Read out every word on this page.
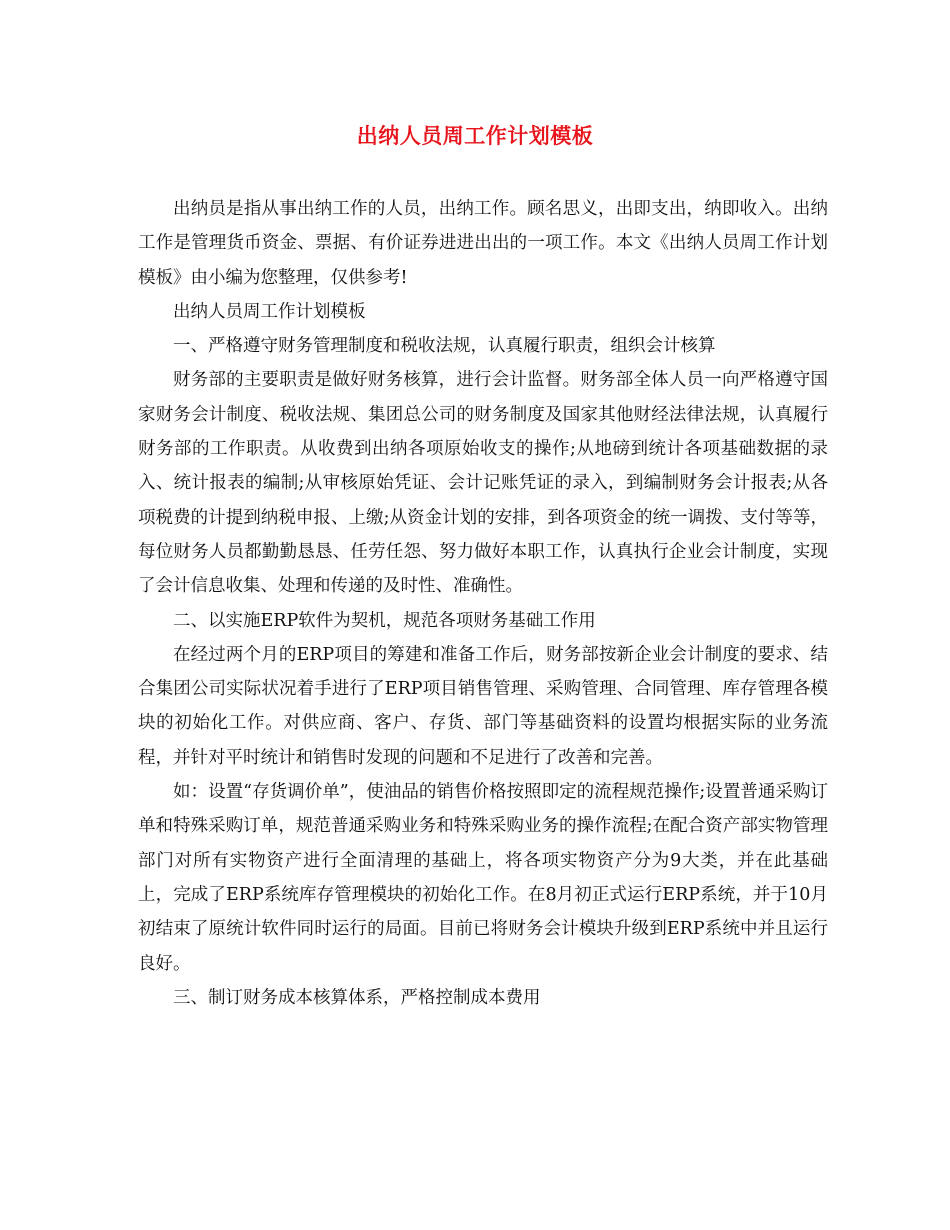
出纳人员周工作计划模板

出纳员是指从事出纳工作的人员，出纳工作。顾名思义，出即支出，纳即收入。出纳工作是管理货币资金、票据、有价证券进进出出的一项工作。本文《出纳人员周工作计划模板》由小编为您整理，仅供参考!

出纳人员周工作计划模板

一、严格遵守财务管理制度和税收法规，认真履行职责，组织会计核算

财务部的主要职责是做好财务核算，进行会计监督。财务部全体人员一向严格遵守国家财务会计制度、税收法规、集团总公司的财务制度及国家其他财经法律法规，认真履行财务部的工作职责。从收费到出纳各项原始收支的操作;从地磅到统计各项基础数据的录入、统计报表的编制;从审核原始凭证、会计记账凭证的录入，到编制财务会计报表;从各项税费的计提到纳税申报、上缴;从资金计划的安排，到各项资金的统一调拨、支付等等，每位财务人员都勤勤恳恳、任劳任怨、努力做好本职工作，认真执行企业会计制度，实现了会计信息收集、处理和传递的及时性、准确性。

二、以实施ERP软件为契机，规范各项财务基础工作用

在经过两个月的ERP项目的筹建和准备工作后，财务部按新企业会计制度的要求、结合集团公司实际状况着手进行了ERP项目销售管理、采购管理、合同管理、库存管理各模块的初始化工作。对供应商、客户、存货、部门等基础资料的设置均根据实际的业务流程，并针对平时统计和销售时发现的问题和不足进行了改善和完善。

如：设置“存货调价单”，使油品的销售价格按照即定的流程规范操作;设置普通采购订单和特殊采购订单，规范普通采购业务和特殊采购业务的操作流程;在配合资产部实物管理部门对所有实物资产进行全面清理的基础上，将各项实物资产分为9大类，并在此基础上，完成了ERP系统库存管理模块的初始化工作。在8月初正式运行ERP系统，并于10月初结束了原统计软件同时运行的局面。目前已将财务会计模块升级到ERP系统中并且运行良好。

三、制订财务成本核算体系，严格控制成本费用
